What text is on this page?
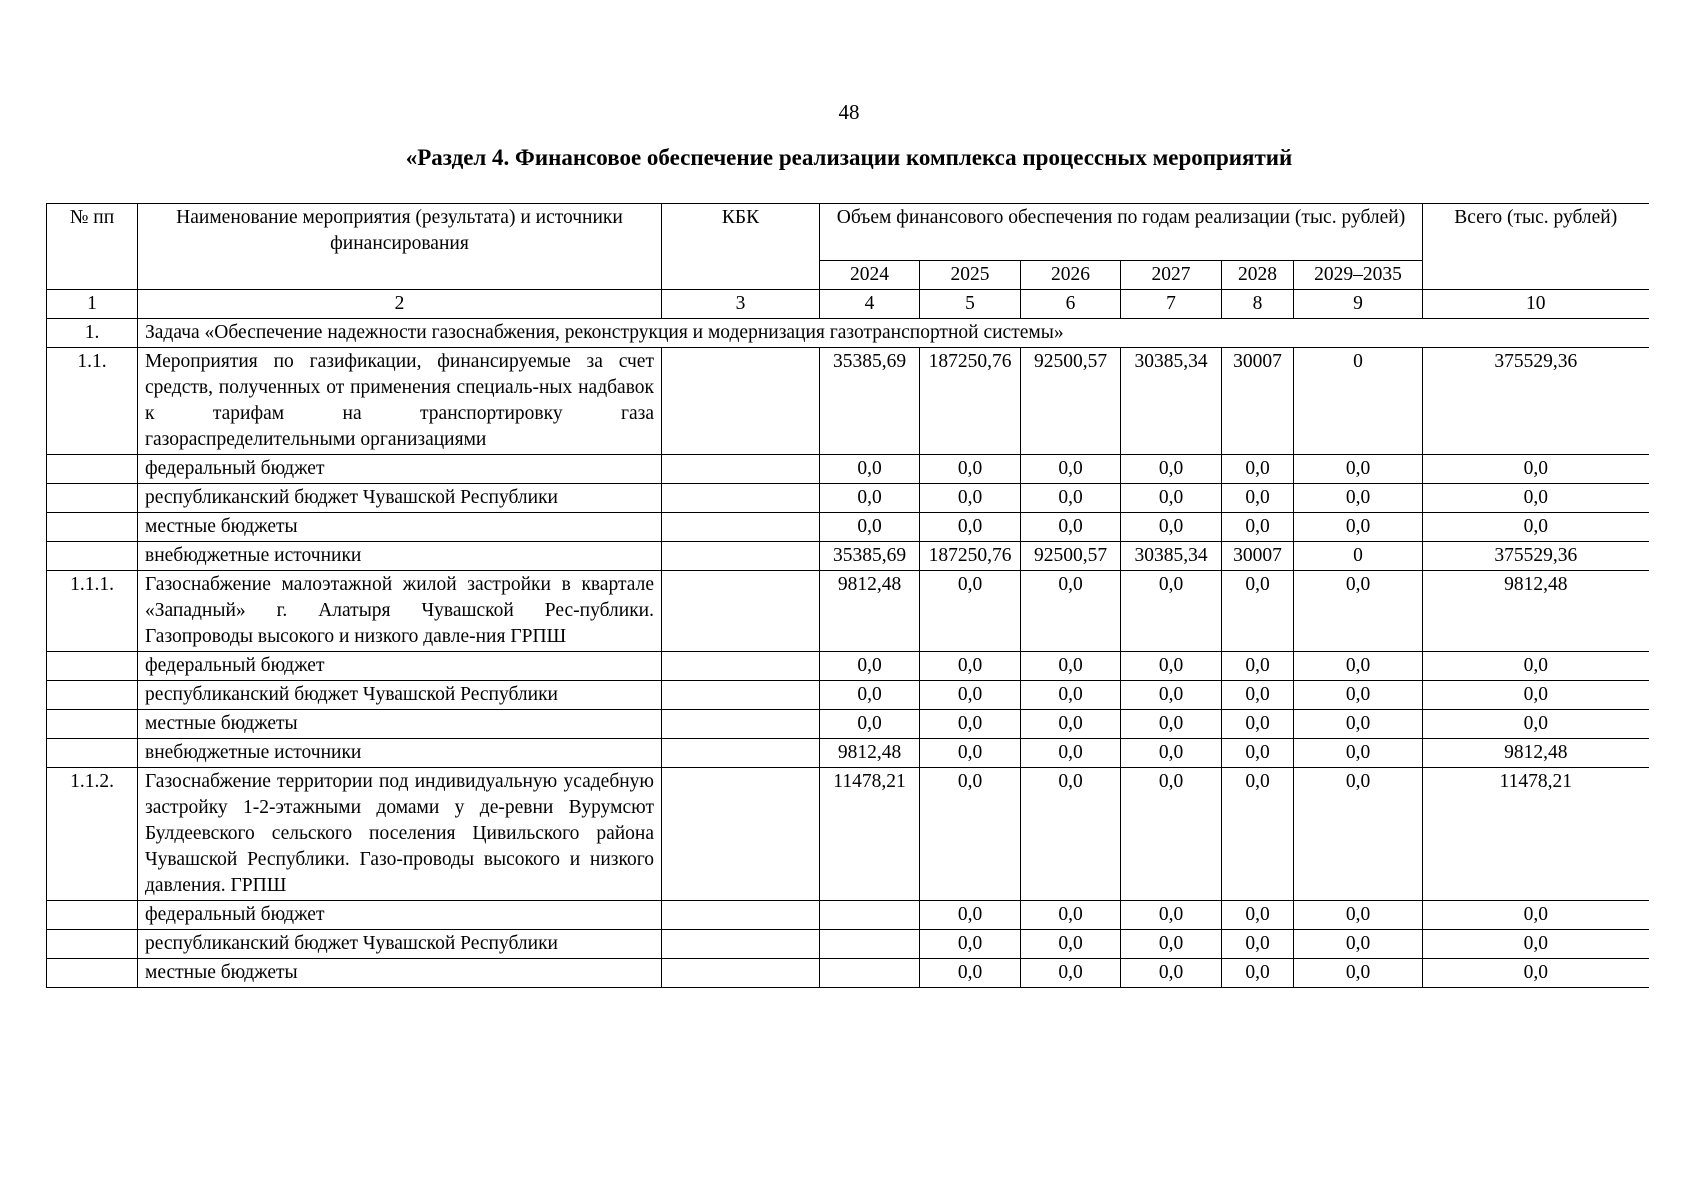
48
«Раздел 4. Финансовое обеспечение реализации комплекса процессных мероприятий
№ пп	Наименование мероприятия (результата) и источники финансирования	КБК	Объем финансового обеспечения по годам реализации (тыс. рублей)						Всего (тыс. рублей)
			2024	2025	2026	2027	2028	2029–2035	
1	2	3	4	5	6	7	8	9	10
1.	Задача «Обеспечение надежности газоснабжения, реконструкция и модернизация газотранспортной системы»								
1.1.	Мероприятия по газификации, финансируемые за счет средств, полученных от применения специаль-ных надбавок к тарифам на транспортировку газа газораспределительными организациями		35385,69	187250,76	92500,57	30385,34	30007	0	375529,36
	федеральный бюджет		0,0	0,0	0,0	0,0	0,0	0,0	0,0
	республиканский бюджет Чувашской Республики		0,0	0,0	0,0	0,0	0,0	0,0	0,0
	местные бюджеты		0,0	0,0	0,0	0,0	0,0	0,0	0,0
	внебюджетные источники		35385,69	187250,76	92500,57	30385,34	30007	0	375529,36
1.1.1.	Газоснабжение малоэтажной жилой застройки в квартале «Западный» г. Алатыря Чувашской Рес-публики. Газопроводы высокого и низкого давле-ния ГРПШ		9812,48	0,0	0,0	0,0	0,0	0,0	9812,48
	федеральный бюджет		0,0	0,0	0,0	0,0	0,0	0,0	0,0
	республиканский бюджет Чувашской Республики		0,0	0,0	0,0	0,0	0,0	0,0	0,0
	местные бюджеты		0,0	0,0	0,0	0,0	0,0	0,0	0,0
	внебюджетные источники		9812,48	0,0	0,0	0,0	0,0	0,0	9812,48
1.1.2.	Газоснабжение территории под индивидуальную усадебную застройку 1-2-этажными домами у де-ревни Вурумсют Булдеевского сельского поселения Цивильского района Чувашской Республики. Газо-проводы высокого и низкого давления. ГРПШ		11478,21	0,0	0,0	0,0	0,0	0,0	11478,21
	федеральный бюджет			0,0	0,0	0,0	0,0	0,0	0,0
	республиканский бюджет Чувашской Республики			0,0	0,0	0,0	0,0	0,0	0,0
	местные бюджеты			0,0	0,0	0,0	0,0	0,0	0,0
